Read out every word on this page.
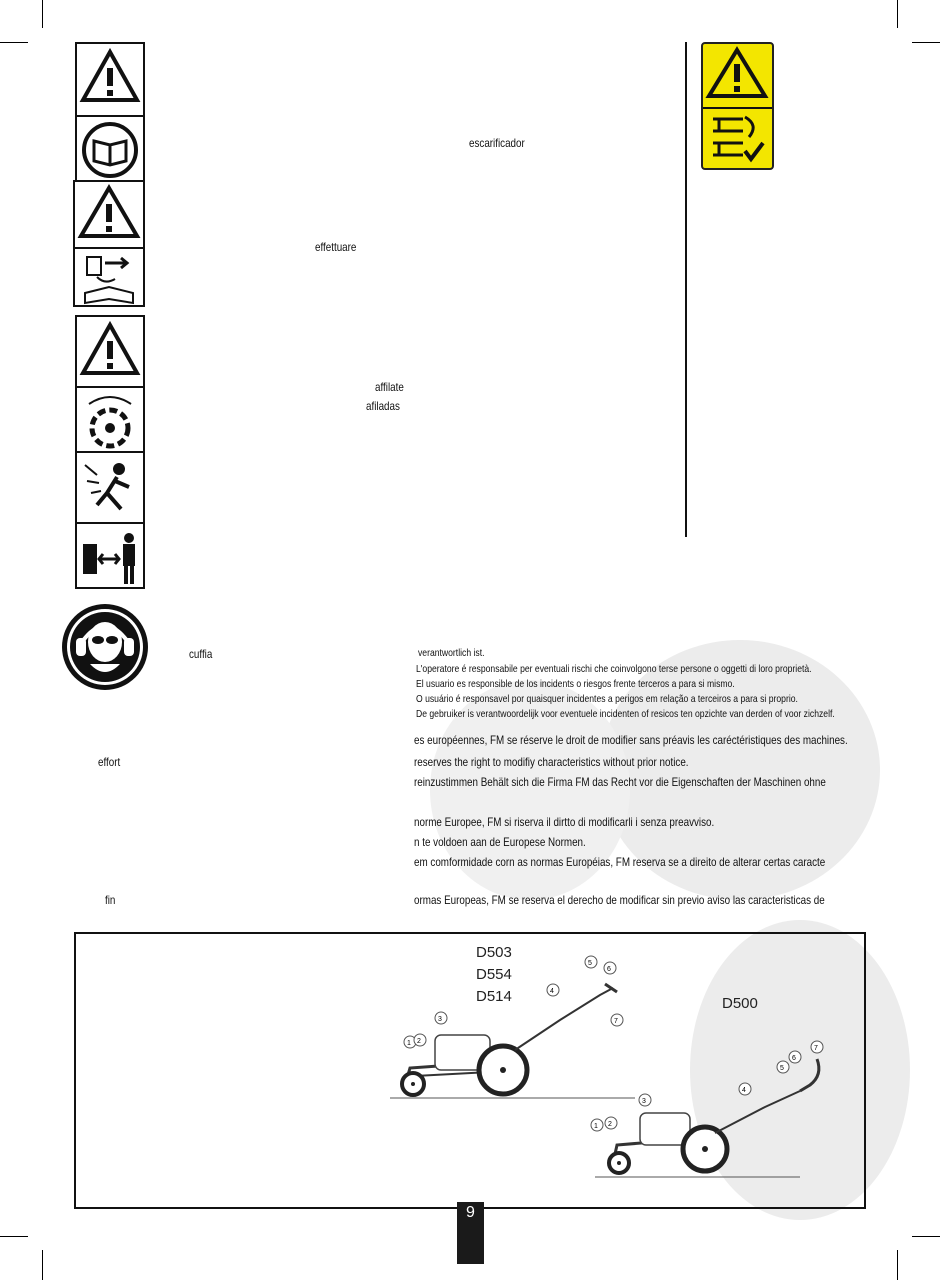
escarificador
effettuare
affilate
afiladas
cuffia	verantwortlich ist.
L'operatore é responsabile per eventuali rischi che coinvolgono terse persone o oggetti di loro proprietà.
El usuario es responsible de los incidents o riesgos frente terceros a para si mismo.
O usuário é responsavel por quaisquer incidentes a perigos em relação a terceiros a para si proprio.
De gebruiker is verantwoordelijk voor eventuele incidenten of resicos ten opzichte van derden of voor zichzelf.
es européennes, FM se réserve le droit de modifier sans préavis les caréctéristiques des machines.
effort	reserves the right to modifiy characteristics without prior notice.
reinzustimmen Behält sich die Firma FM das Recht vor die Eigenschaften der Maschinen ohne
norme Europee, FM si riserva il dirtto di modificarli i senza preavviso.
n te voldoen aan de Europese Normen.
em comformidade corn as normas Européias, FM reserva se a direito de alterar certas caracte
fin	ormas Europeas, FM se reserva el derecho de modificar sin previo aviso las caracteristicas de
D503
D554
D514	D500
1 2
3
4
5
6
7
1 2
3
4
5
6
7
9
